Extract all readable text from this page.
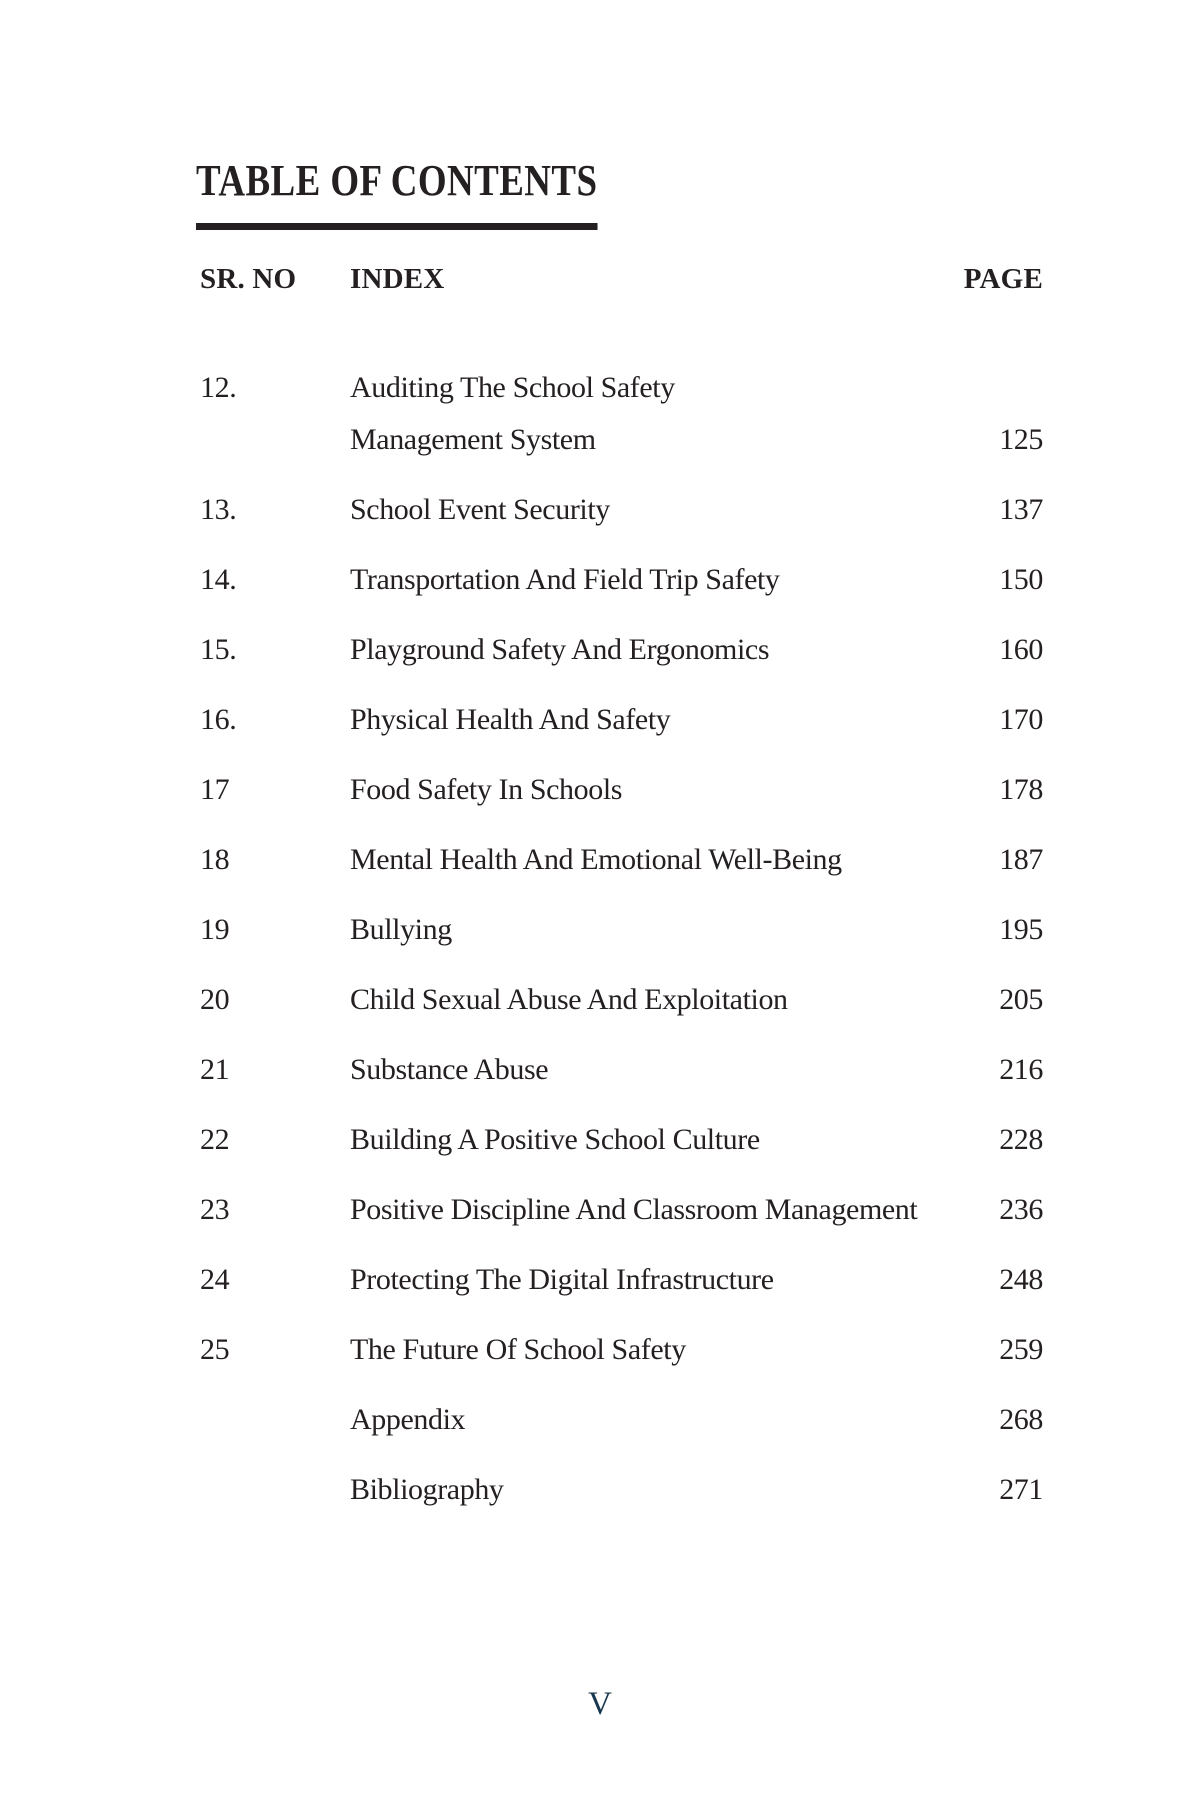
TABLE OF CONTENTS
SR. NO	INDEX	PAGE
12.	Auditing The School Safety
Management System	125
13.	School Event Security	137
14.	Transportation And Field Trip Safety	150
15.	Playground Safety And Ergonomics	160
16.	Physical Health And Safety	170
17	Food Safety In Schools	178
18	Mental Health And Emotional Well-Being	187
19	Bullying	195
20	Child Sexual Abuse And Exploitation	205
21	Substance Abuse	216
22	Building A Positive School Culture	228
23	Positive Discipline And Classroom Management	236
24	Protecting The Digital Infrastructure	248
25	The Future Of School Safety	259
Appendix	268
Bibliography	271
V
